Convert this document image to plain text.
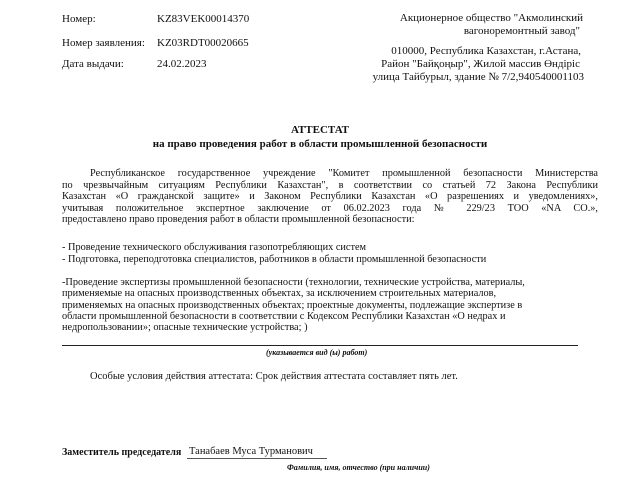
Номер:	KZ83VEK00014370
Номер заявления: KZ03RDT00020665
Дата выдачи:	24.02.2023
Акционерное общество "Акмолинский
вагоноремонтный завод"
010000, Республика Казахстан, г.Астана,
Район "Байқоңыр", Жилой массив Өндіріс
улица Тайбурыл, здание № 7/2,940540001103
АТТЕСТАТ
на право проведения работ в области промышленной безопасности
Республиканское государственное учреждение "Комитет промышленной безопасности Министерства
по чрезвычайным ситуациям Республики Казахстан", в соответствии со статьей 72 Закона Республики
Казахстан «О гражданской защите» и Законом Республики Казахстан «О разрешениях и уведомлениях»,
учитывая положительное экспертное заключение от 06.02.2023 года № 229/23 ТОО «NA CO.»,
предоставлено право проведения работ в области промышленной безопасности:
- Проведение технического обслуживания газопотребляющих систем
- Подготовка, переподготовка специалистов, работников в области промышленной безопасности
-Проведение экспертизы промышленной безопасности (технологии, технические устройства, материалы,
применяемые на опасных производственных объектах, за исключением строительных материалов,
применяемых на опасных производственных объектах; проектные документы, подлежащие экспертизе в
области промышленной безопасности в соответствии с Кодексом Республики Казахстан «О недрах и
недропользовании»; опасные технические устройства; )
(указывается вид (ы) работ)
Особые условия действия аттестата: Срок действия аттестата составляет пять лет.
Заместитель председателя Танабаев Муса Турманович
Фамилия, имя, отчество (при наличии)
